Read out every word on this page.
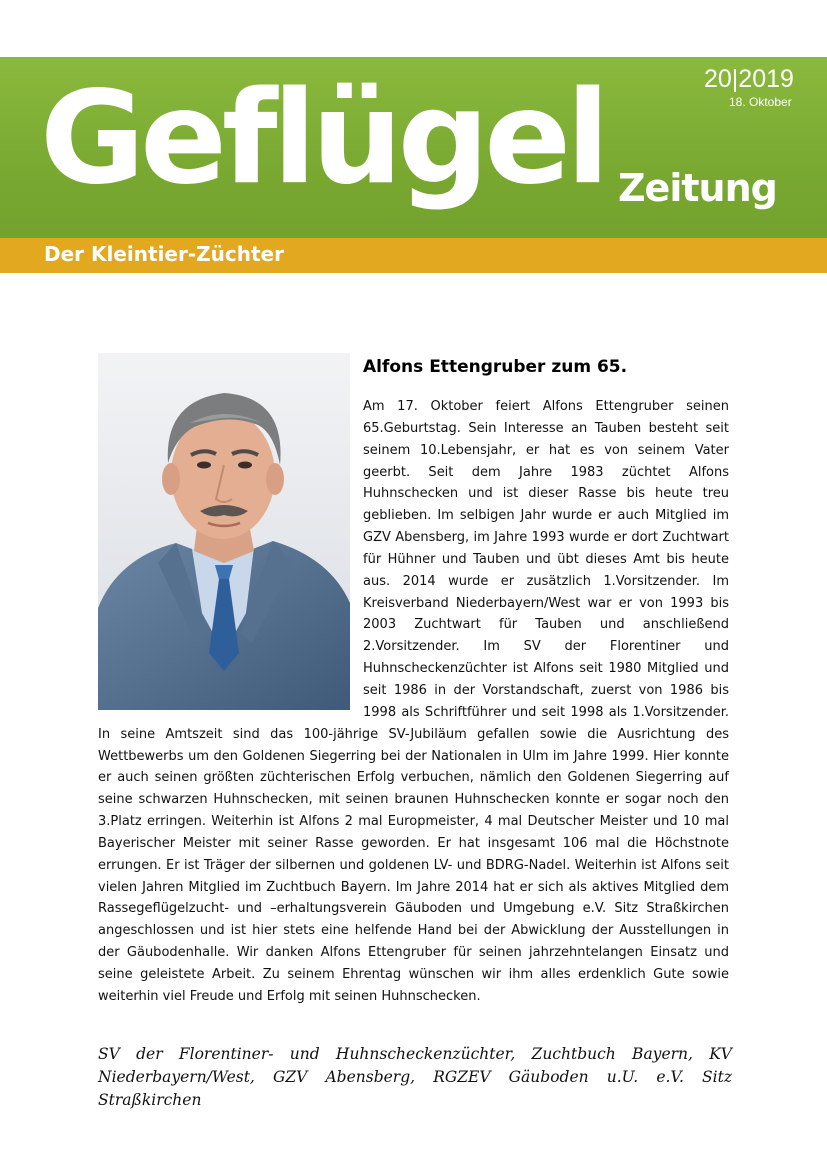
Geflügel Zeitung
20|2019
18. Oktober
Der Kleintier-Züchter
Alfons Ettengruber zum 65.
Am 17. Oktober feiert Alfons Ettengruber seinen 65.Geburtstag. Sein Interesse an Tauben besteht seit seinem 10.Lebensjahr, er hat es von seinem Vater geerbt. Seit dem Jahre 1983 züchtet Alfons Huhnschecken und ist dieser Rasse bis heute treu geblieben. Im selbigen Jahr wurde er auch Mitglied im GZV Abensberg, im Jahre 1993 wurde er dort Zuchtwart für Hühner und Tauben und übt dieses Amt bis heute aus. 2014 wurde er zusätzlich 1.Vorsitzender. Im Kreisverband Niederbayern/West war er von 1993 bis 2003 Zuchtwart für Tauben und anschließend 2.Vorsitzender. Im SV der Florentiner und Huhnscheckenzüchter ist Alfons seit 1980 Mitglied und seit 1986 in der Vorstandschaft, zuerst von 1986 bis 1998 als Schriftführer und seit 1998 als 1.Vorsitzender. In seine Amtszeit sind das 100-jährige SV-Jubiläum gefallen sowie die Ausrichtung des Wettbewerbs um den Goldenen Siegerring bei der Nationalen in Ulm im Jahre 1999. Hier konnte er auch seinen größten züchterischen Erfolg verbuchen, nämlich den Goldenen Siegerring auf seine schwarzen Huhnschecken, mit seinen braunen Huhnschecken konnte er sogar noch den 3.Platz erringen. Weiterhin ist Alfons 2 mal Europmeister, 4 mal Deutscher Meister und 10 mal Bayerischer Meister mit seiner Rasse geworden. Er hat insgesamt 106 mal die Höchstnote errungen. Er ist Träger der silbernen und goldenen LV- und BDRG-Nadel. Weiterhin ist Alfons seit vielen Jahren Mitglied im Zuchtbuch Bayern. Im Jahre 2014 hat er sich als aktives Mitglied dem Rassegeflügelzucht- und –erhaltungsverein Gäuboden und Umgebung e.V. Sitz Straßkirchen angeschlossen und ist hier stets eine helfende Hand bei der Abwicklung der Ausstellungen in der Gäubodenhalle. Wir danken Alfons Ettengruber für seinen jahrzehntelangen Einsatz und seine geleistete Arbeit. Zu seinem Ehrentag wünschen wir ihm alles erdenklich Gute sowie weiterhin viel Freude und Erfolg mit seinen Huhnschecken.
SV der Florentiner- und Huhnscheckenzüchter, Zuchtbuch Bayern, KV Niederbayern/West, GZV Abensberg, RGZEV Gäuboden u.U. e.V. Sitz Straßkirchen
